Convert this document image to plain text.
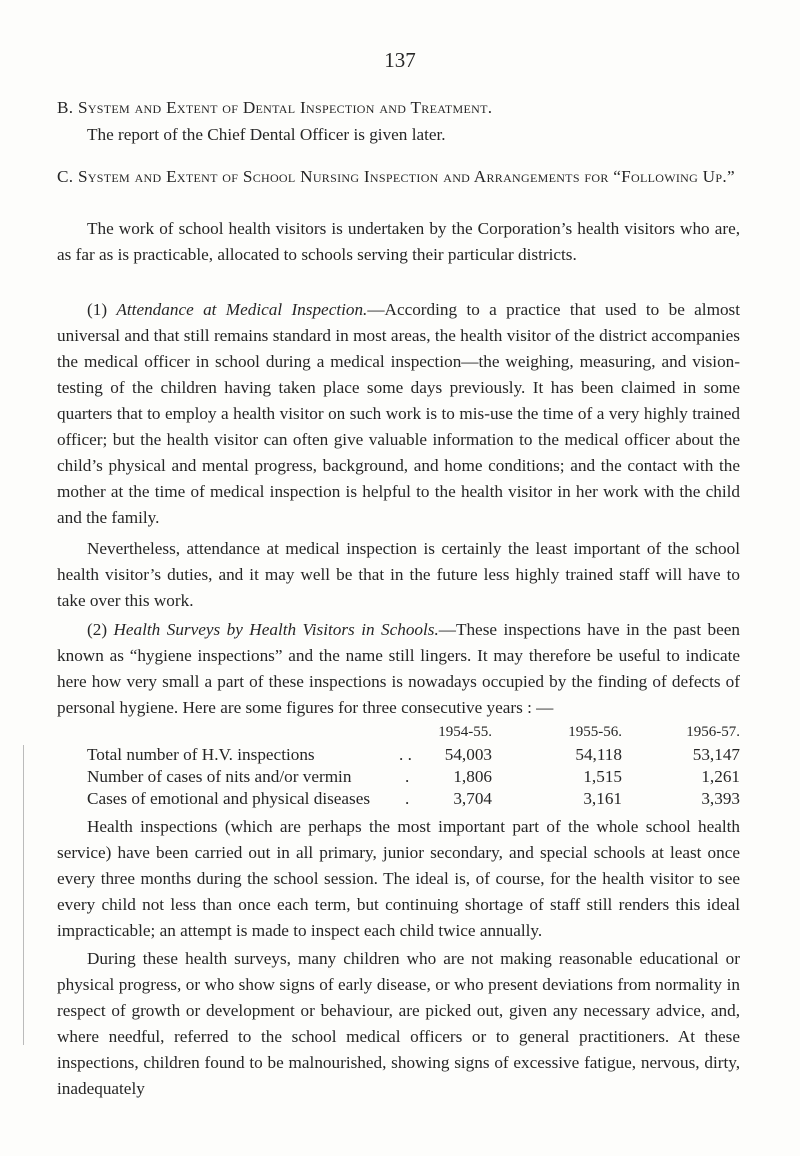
137

B. System and Extent of Dental Inspection and Treatment.

The report of the Chief Dental Officer is given later.

C. System and Extent of School Nursing Inspection and Arrangements for “Following Up.”

The work of school health visitors is undertaken by the Corporation’s health visitors who are, as far as is practicable, allocated to schools serving their particular districts.

(1) Attendance at Medical Inspection.—According to a practice that used to be almost universal and that still remains standard in most areas, the health visitor of the district accompanies the medical officer in school during a medical inspection—the weighing, measuring, and vision-testing of the children having taken place some days previously. It has been claimed in some quarters that to employ a health visitor on such work is to mis-use the time of a very highly trained officer; but the health visitor can often give valuable information to the medical officer about the child’s physical and mental progress, background, and home conditions; and the contact with the mother at the time of medical inspection is helpful to the health visitor in her work with the child and the family.

Nevertheless, attendance at medical inspection is certainly the least important of the school health visitor’s duties, and it may well be that in the future less highly trained staff will have to take over this work.

(2) Health Surveys by Health Visitors in Schools.—These inspections have in the past been known as “hygiene inspections” and the name still lingers. It may therefore be useful to indicate here how very small a part of these inspections is nowadays occupied by the finding of defects of personal hygiene. Here are some figures for three consecutive years : —

1954-55.	1955-56.	1956-57.
Total number of H.V. inspections	. .	54,003	54,118	53,147
Number of cases of nits and/or vermin	.	1,806	1,515	1,261
Cases of emotional and physical diseases .	3,704	3,161	3,393

Health inspections (which are perhaps the most important part of the whole school health service) have been carried out in all primary, junior secondary, and special schools at least once every three months during the school session. The ideal is, of course, for the health visitor to see every child not less than once each term, but continuing shortage of staff still renders this ideal impracticable; an attempt is made to inspect each child twice annually.

During these health surveys, many children who are not making reasonable educational or physical progress, or who show signs of early disease, or who present deviations from normality in respect of growth or development or behaviour, are picked out, given any necessary advice, and, where needful, referred to the school medical officers or to general practitioners. At these inspections, children found to be malnourished, showing signs of excessive fatigue, nervous, dirty, inadequately
